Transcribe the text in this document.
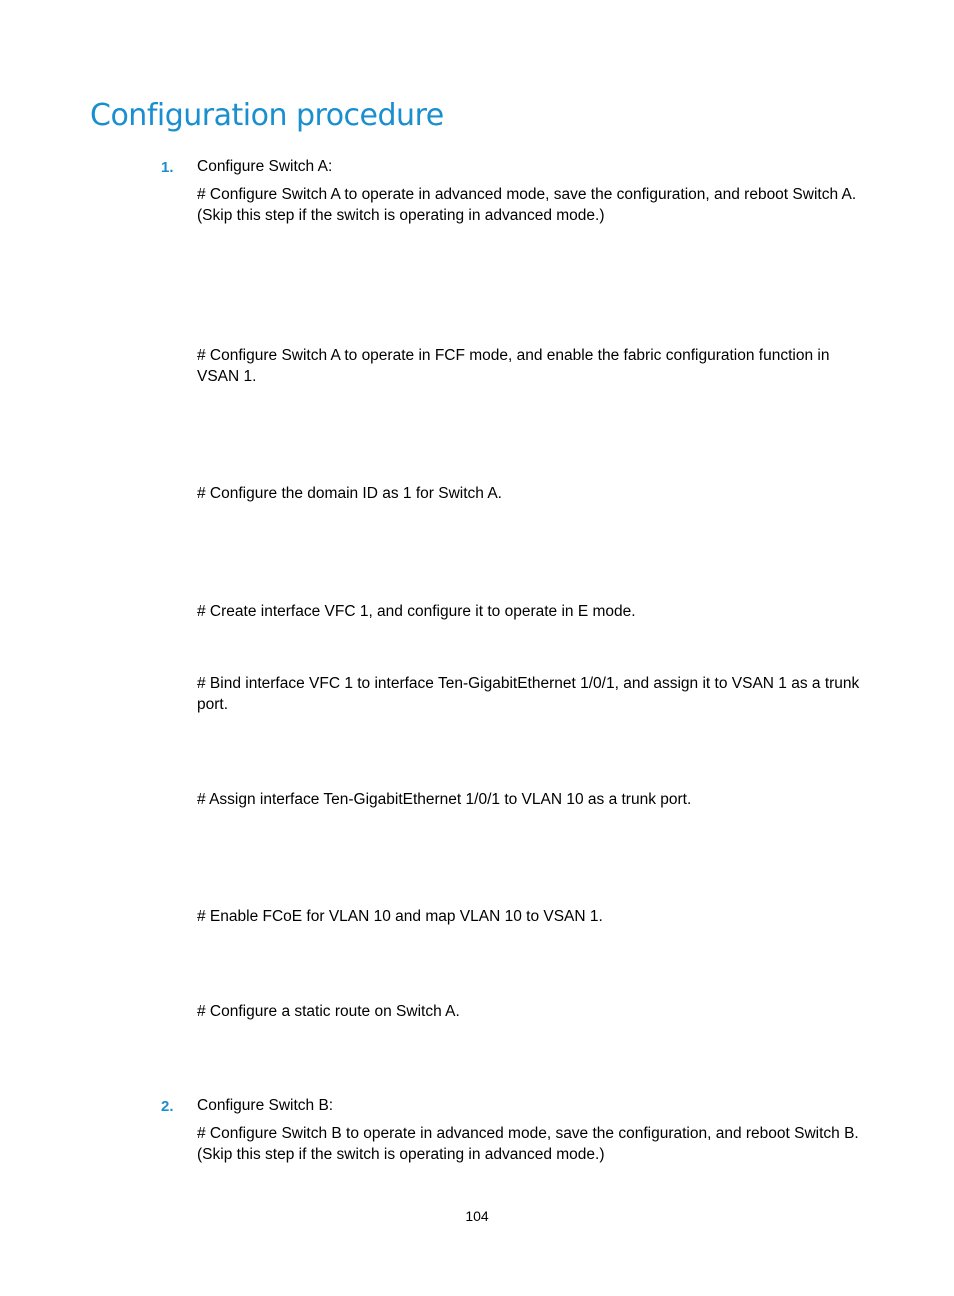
Configuration procedure
1. Configure Switch A:

# Configure Switch A to operate in advanced mode, save the configuration, and reboot Switch A. (Skip this step if the switch is operating in advanced mode.)

# Configure Switch A to operate in FCF mode, and enable the fabric configuration function in VSAN 1.

# Configure the domain ID as 1 for Switch A.

# Create interface VFC 1, and configure it to operate in E mode.

# Bind interface VFC 1 to interface Ten-GigabitEthernet 1/0/1, and assign it to VSAN 1 as a trunk port.

# Assign interface Ten-GigabitEthernet 1/0/1 to VLAN 10 as a trunk port.

# Enable FCoE for VLAN 10 and map VLAN 10 to VSAN 1.

# Configure a static route on Switch A.

2. Configure Switch B:

# Configure Switch B to operate in advanced mode, save the configuration, and reboot Switch B. (Skip this step if the switch is operating in advanced mode.)

104
